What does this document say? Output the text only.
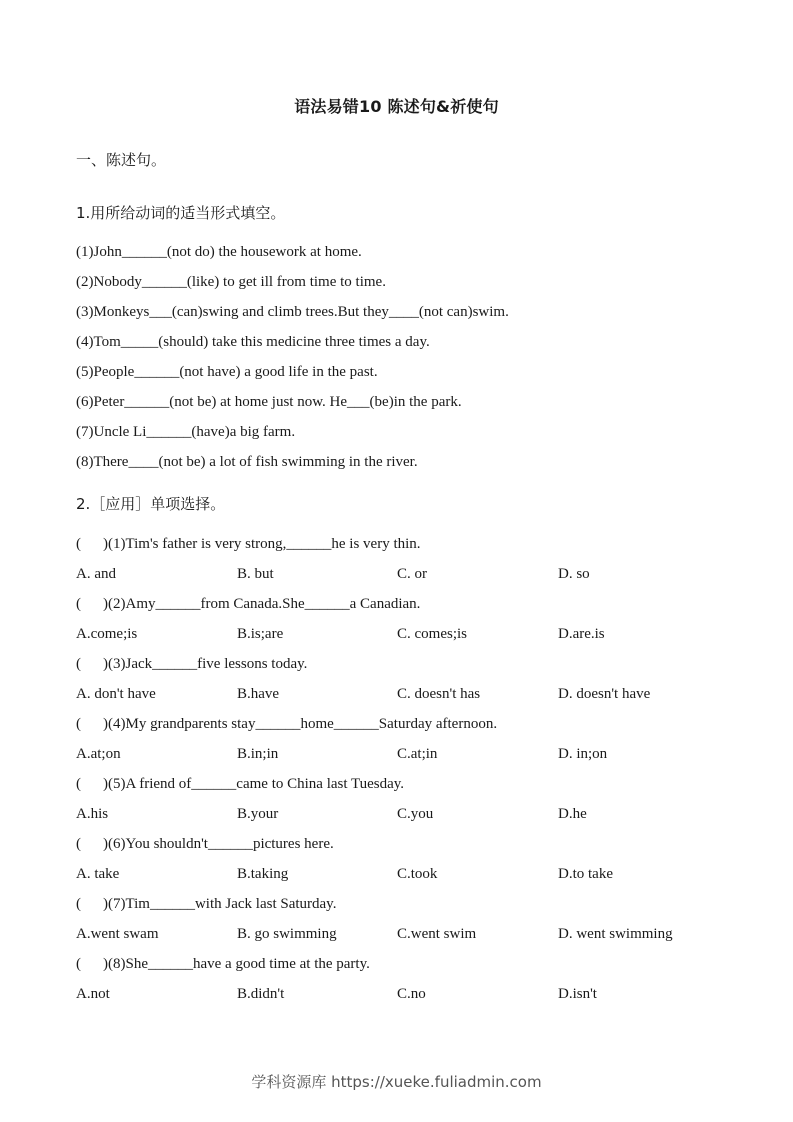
语法易错10 陈述句&祈使句
一、陈述句。
1.用所给动词的适当形式填空。
(1)John______(not do) the housework at home.
(2)Nobody______(like) to get ill from time to time.
(3)Monkeys___(can)swing and climb trees.But they____(not can)swim.
(4)Tom_____(should) take this medicine three times a day.
(5)People______(not have) a good life in the past.
(6)Peter______(not be) at home just now. He___(be)in the park.
(7)Uncle Li______(have)a big farm.
(8)There____(not be) a lot of fish swimming in the river.
2.［应用］单项选择。
( )(1)Tim's father is very strong,______he is very thin.
A. and	B. but	C. or	D. so
( )(2)Amy______from Canada.She______a Canadian.
A.come;is	B.is;are	C. comes;is	D.are.is
( )(3)Jack______five lessons today.
A. don't have	B.have	C. doesn't has	D. doesn't have
( )(4)My grandparents stay______home______Saturday afternoon.
A.at;on	B.in;in	C.at;in	D. in;on
( )(5)A friend of______came to China last Tuesday.
A.his	B.your	C.you	D.he
( )(6)You shouldn't______pictures here.
A. take	B.taking	C.took	D.to take
( )(7)Tim______with Jack last Saturday.
A.went swam	B. go swimming	C.went swim	D. went swimming
( )(8)She______have a good time at the party.
A.not	B.didn't	C.no	D.isn't
学科资源库 https://xueke.fuliadmin.com
